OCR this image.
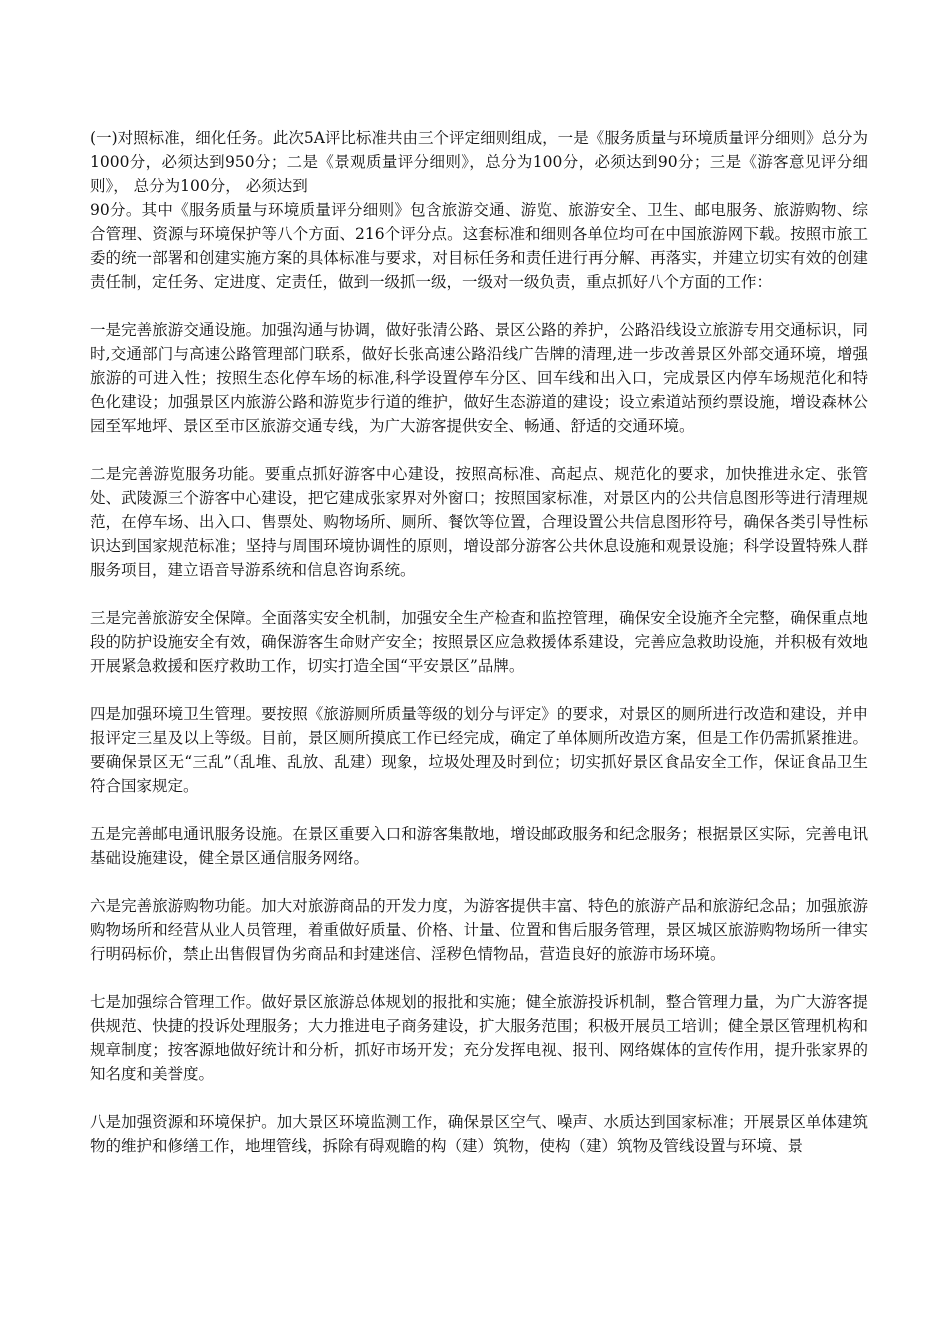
(一)对照标准，细化任务。此次5A评比标准共由三个评定细则组成，一是《服务质量与环境质量评分细则》总分为1000分，必须达到950分；二是《景观质量评分细则》，总分为100分，必须达到90分；三是《游客意见评分细则》， 总分为100分， 必须达到

90分。其中《服务质量与环境质量评分细则》包含旅游交通、游览、旅游安全、卫生、邮电服务、旅游购物、综合管理、资源与环境保护等八个方面、216个评分点。这套标准和细则各单位均可在中国旅游网下载。按照市旅工委的统一部署和创建实施方案的具体标准与要求，对目标任务和责任进行再分解、再落实，并建立切实有效的创建责任制，定任务、定进度、定责任，做到一级抓一级，一级对一级负责，重点抓好八个方面的工作：

一是完善旅游交通设施。加强沟通与协调，做好张清公路、景区公路的养护，公路沿线设立旅游专用交通标识，同时,交通部门与高速公路管理部门联系，做好长张高速公路沿线广告牌的清理,进一步改善景区外部交通环境，增强旅游的可进入性；按照生态化停车场的标准,科学设置停车分区、回车线和出入口，完成景区内停车场规范化和特色化建设；加强景区内旅游公路和游览步行道的维护，做好生态游道的建设；设立索道站预约票设施，增设森林公园至军地坪、景区至市区旅游交通专线，为广大游客提供安全、畅通、舒适的交通环境。

二是完善游览服务功能。要重点抓好游客中心建设，按照高标准、高起点、规范化的要求，加快推进永定、张管处、武陵源三个游客中心建设，把它建成张家界对外窗口；按照国家标准，对景区内的公共信息图形等进行清理规范，在停车场、出入口、售票处、购物场所、厕所、餐饮等位置，合理设置公共信息图形符号，确保各类引导性标识达到国家规范标准；坚持与周围环境协调性的原则，增设部分游客公共休息设施和观景设施；科学设置特殊人群服务项目，建立语音导游系统和信息咨询系统。

三是完善旅游安全保障。全面落实安全机制，加强安全生产检查和监控管理，确保安全设施齐全完整，确保重点地段的防护设施安全有效，确保游客生命财产安全；按照景区应急救援体系建设，完善应急救助设施，并积极有效地开展紧急救援和医疗救助工作，切实打造全国“平安景区”品牌。

四是加强环境卫生管理。要按照《旅游厕所质量等级的划分与评定》的要求，对景区的厕所进行改造和建设，并申报评定三星及以上等级。目前，景区厕所摸底工作已经完成，确定了单体厕所改造方案，但是工作仍需抓紧推进。要确保景区无“三乱”（乱堆、乱放、乱建）现象，垃圾处理及时到位；切实抓好景区食品安全工作，保证食品卫生符合国家规定。

五是完善邮电通讯服务设施。在景区重要入口和游客集散地，增设邮政服务和纪念服务；根据景区实际，完善电讯基础设施建设，健全景区通信服务网络。

六是完善旅游购物功能。加大对旅游商品的开发力度，为游客提供丰富、特色的旅游产品和旅游纪念品；加强旅游购物场所和经营从业人员管理，着重做好质量、价格、计量、位置和售后服务管理，景区城区旅游购物场所一律实行明码标价，禁止出售假冒伪劣商品和封建迷信、淫秽色情物品，营造良好的旅游市场环境。

七是加强综合管理工作。做好景区旅游总体规划的报批和实施；健全旅游投诉机制，整合管理力量，为广大游客提供规范、快捷的投诉处理服务；大力推进电子商务建设，扩大服务范围；积极开展员工培训；健全景区管理机构和规章制度；按客源地做好统计和分析，抓好市场开发；充分发挥电视、报刊、网络媒体的宣传作用，提升张家界的知名度和美誉度。

八是加强资源和环境保护。加大景区环境监测工作，确保景区空气、噪声、水质达到国家标准；开展景区单体建筑物的维护和修缮工作，地埋管线，拆除有碍观瞻的构（建）筑物，使构（建）筑物及管线设置与环境、景
